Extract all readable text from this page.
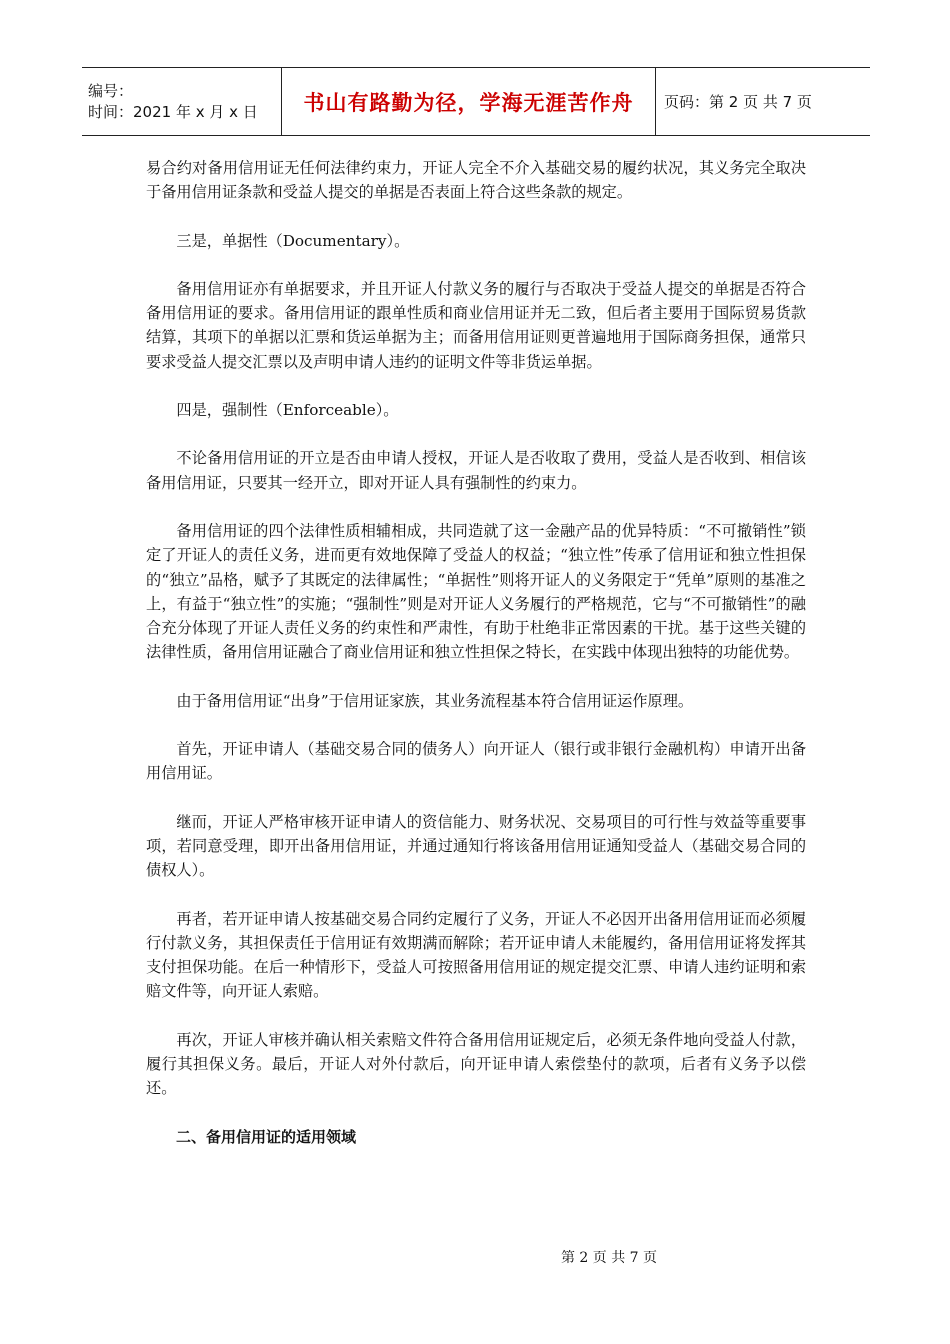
编号：
时间：2021 年 x 月 x 日	书山有路勤为径，学海无涯苦作舟 页码：第 2 页 共 7 页

易合约对备用信用证无任何法律约束力，开证人完全不介入基础交易的履约状况，其义务完全取决于备用信用证条款和受益人提交的单据是否表面上符合这些条款的规定。

三是，单据性（Documentary）。

备用信用证亦有单据要求，并且开证人付款义务的履行与否取决于受益人提交的单据是否符合备用信用证的要求。备用信用证的跟单性质和商业信用证并无二致，但后者主要用于国际贸易货款结算，其项下的单据以汇票和货运单据为主；而备用信用证则更普遍地用于国际商务担保，通常只要求受益人提交汇票以及声明申请人违约的证明文件等非货运单据。

四是，强制性（Enforceable）。

不论备用信用证的开立是否由申请人授权，开证人是否收取了费用，受益人是否收到、相信该备用信用证，只要其一经开立，即对开证人具有强制性的约束力。

备用信用证的四个法律性质相辅相成，共同造就了这一金融产品的优异特质：“不可撤销性”锁定了开证人的责任义务，进而更有效地保障了受益人的权益；“独立性”传承了信用证和独立性担保的“独立”品格，赋予了其既定的法律属性；“单据性”则将开证人的义务限定于“凭单”原则的基准之上，有益于“独立性”的实施；“强制性”则是对开证人义务履行的严格规范，它与“不可撤销性”的融合充分体现了开证人责任义务的约束性和严肃性，有助于杜绝非正常因素的干扰。基于这些关键的法律性质，备用信用证融合了商业信用证和独立性担保之特长，在实践中体现出独特的功能优势。

由于备用信用证“出身”于信用证家族，其业务流程基本符合信用证运作原理。

首先，开证申请人（基础交易合同的债务人）向开证人（银行或非银行金融机构）申请开出备用信用证。

继而，开证人严格审核开证申请人的资信能力、财务状况、交易项目的可行性与效益等重要事项，若同意受理，即开出备用信用证，并通过通知行将该备用信用证通知受益人（基础交易合同的债权人）。

再者，若开证申请人按基础交易合同约定履行了义务，开证人不必因开出备用信用证而必须履行付款义务，其担保责任于信用证有效期满而解除；若开证申请人未能履约，备用信用证将发挥其支付担保功能。在后一种情形下，受益人可按照备用信用证的规定提交汇票、申请人违约证明和索赔文件等，向开证人索赔。

再次，开证人审核并确认相关索赔文件符合备用信用证规定后，必须无条件地向受益人付款，履行其担保义务。最后，开证人对外付款后，向开证申请人索偿垫付的款项，后者有义务予以偿还。

二、备用信用证的适用领域

第 2 页 共 7 页
